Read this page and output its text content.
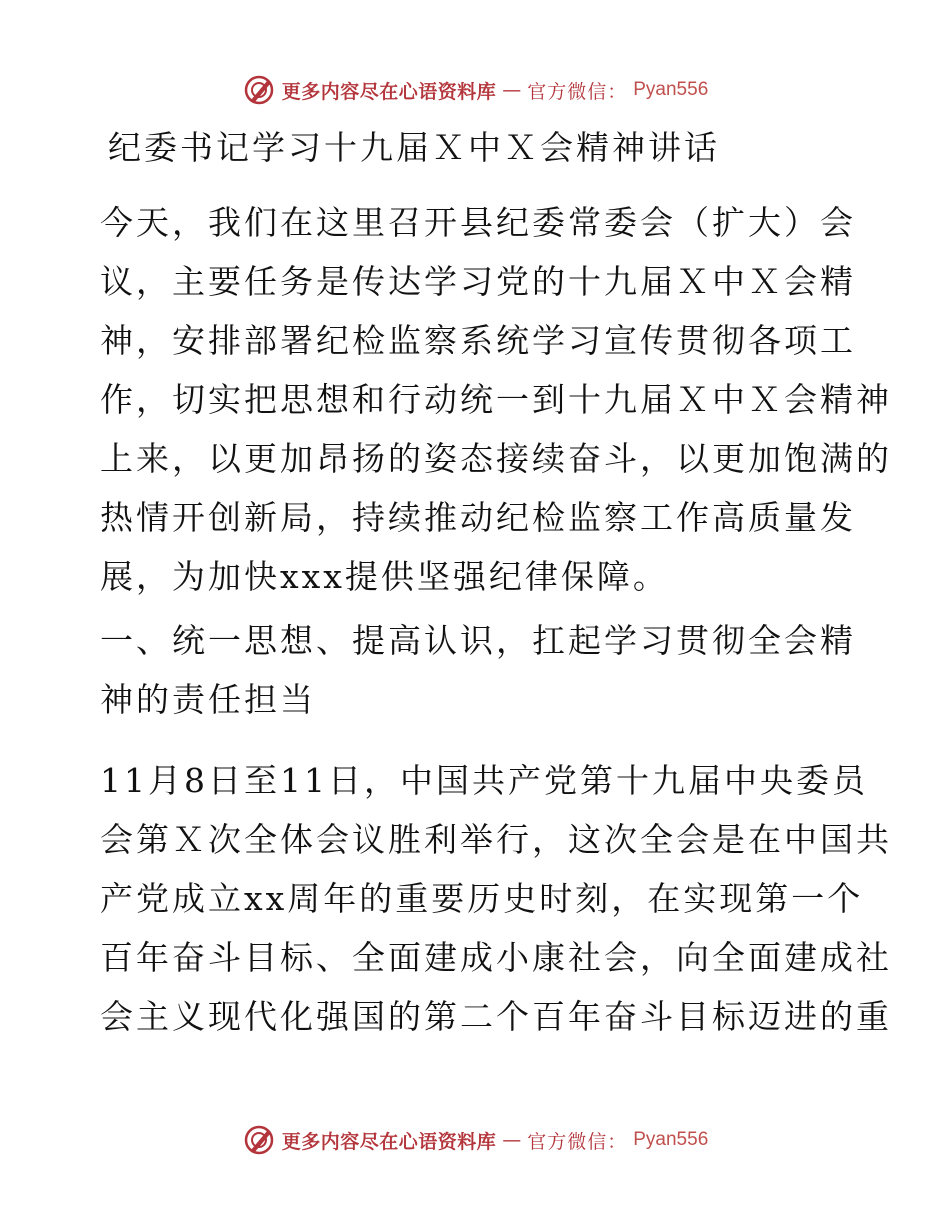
更多内容尽在心语资料库 — 官方微信： Pyan556
纪委书记学习十九届Ｘ中Ｘ会精神讲话
今天，我们在这里召开县纪委常委会（扩大）会
议，主要任务是传达学习党的十九届Ｘ中Ｘ会精
神，安排部署纪检监察系统学习宣传贯彻各项工
作，切实把思想和行动统一到十九届Ｘ中Ｘ会精神
上来，以更加昂扬的姿态接续奋斗，以更加饱满的
热情开创新局，持续推动纪检监察工作高质量发
展，为加快xxx提供坚强纪律保障。
一、统一思想、提高认识，扛起学习贯彻全会精
神的责任担当
11月8日至11日，中国共产党第十九届中央委员
会第Ｘ次全体会议胜利举行，这次全会是在中国共
产党成立xx周年的重要历史时刻，在实现第一个
百年奋斗目标、全面建成小康社会，向全面建成社
会主义现代化强国的第二个百年奋斗目标迈进的重
更多内容尽在心语资料库 — 官方微信： Pyan556
